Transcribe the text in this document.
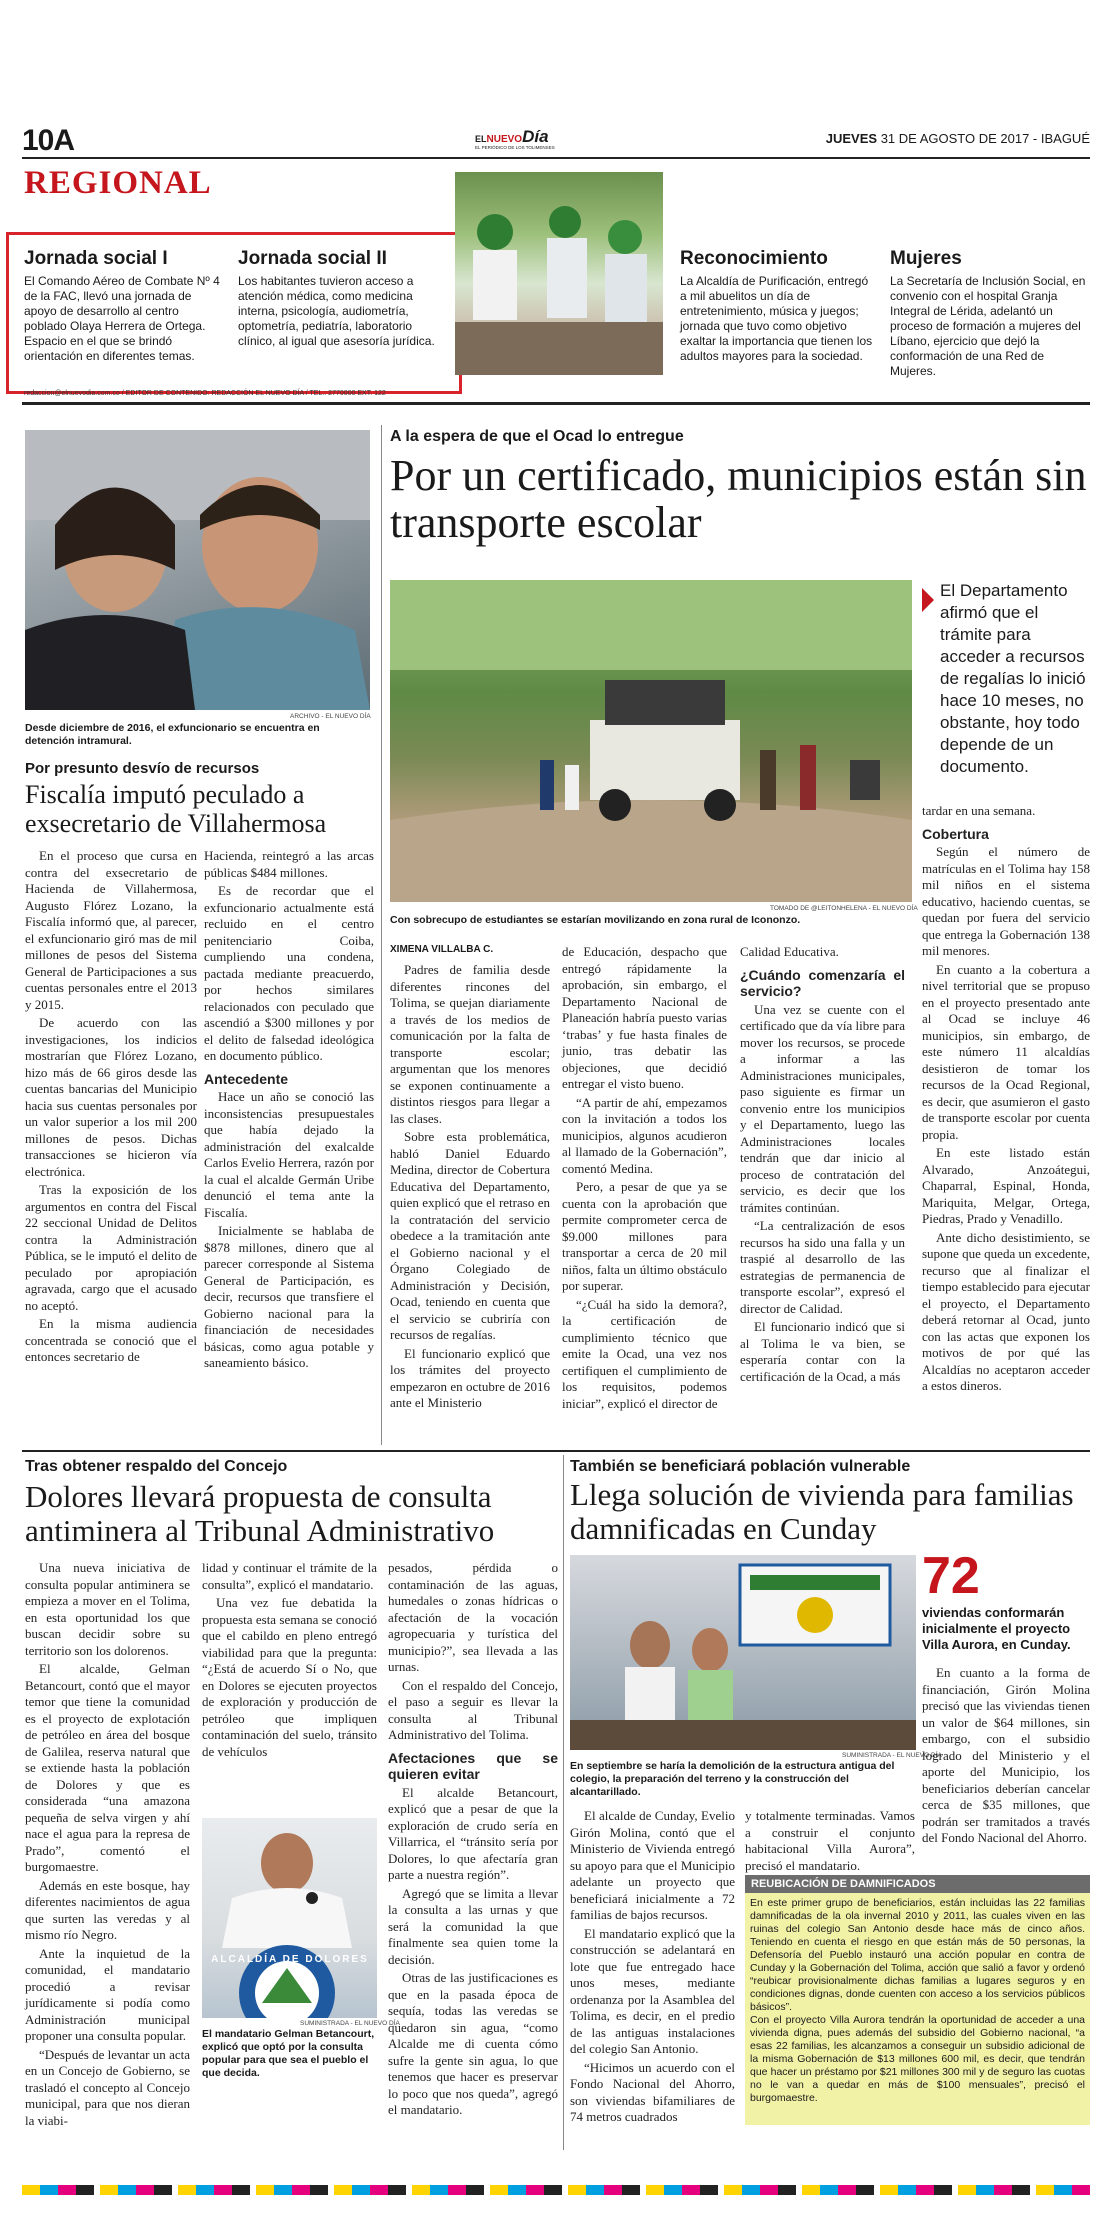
10A	ELNUEVODía
EL PERIÓDICO DE LOS TOLIMENSES
JUEVES 31 DE AGOSTO DE 2017 - IBAGUÉ
REGIONAL
Jornada social I
El Comando Aéreo de Combate Nº 4 de la FAC, llevó una jornada de apoyo de desarrollo al centro poblado Olaya Herrera de Ortega. Espacio en el que se brindó orientación en diferentes temas.
Jornada social II
Los habitantes tuvieron acceso a atención médica, como medicina interna, psicología, audiometría, optometría, pediatría, laboratorio clínico, al igual que asesoría jurídica.
Reconocimiento
La Alcaldía de Purificación, entregó a mil abuelitos un día de entretenimiento, música y juegos; jornada que tuvo como objetivo exaltar la importancia que tienen los adultos mayores para la sociedad.
Mujeres
La Secretaría de Inclusión Social, en convenio con el hospital Granja Integral de Lérida, adelantó un proceso de formación a mujeres del Líbano, ejercicio que dejó la conformación de una Red de Mujeres.
redaccion@elnuevodia.com.co / EDITOR DE CONTENIDO: REDACCIÓN EL NUEVO DÍA / TEL.: 2770000 EXT. 122
ARCHIVO - EL NUEVO DÍA
Desde diciembre de 2016, el exfuncionario se encuentra en detención intramural.
Por presunto desvío de recursos
Fiscalía imputó peculado a exsecretario de Villahermosa

En el proceso que cursa en contra del exsecretario de Hacienda de Villahermosa, Augusto Flórez Lozano, la Fiscalía informó que, al parecer, el exfuncionario giró mas de mil millones de pesos del Sistema General de Participaciones a sus cuentas personales entre el 2013 y 2015.

De acuerdo con las investigaciones, los indicios mostrarían que Flórez Lozano, hizo más de 66 giros desde las cuentas bancarias del Municipio hacia sus cuentas personales por un valor superior a los mil 200 millones de pesos. Dichas transacciones se hicieron vía electrónica.

Tras la exposición de los argumentos en contra del Fiscal 22 seccional Unidad de Delitos contra la Administración Pública, se le imputó el delito de peculado por apropiación agravada, cargo que el acusado no aceptó.

En la misma audiencia concentrada se conoció que el entonces secretario de

Hacienda, reintegró a las arcas públicas $484 millones.

Es de recordar que el exfuncionario actualmente está recluido en el centro penitenciario Coiba, cumpliendo una condena, pactada mediante preacuerdo, por hechos similares relacionados con peculado que ascendió a $300 millones y por el delito de falsedad ideológica en documento público.

Antecedente

Hace un año se conoció las inconsistencias presupuestales que había dejado la administración del exalcalde Carlos Evelio Herrera, razón por la cual el alcalde Germán Uribe denunció el tema ante la Fiscalía.

Inicialmente se hablaba de $878 millones, dinero que al parecer corresponde al Sistema General de Participación, es decir, recursos que transfiere el Gobierno nacional para la financiación de necesidades básicas, como agua potable y saneamiento básico.

A la espera de que el Ocad lo entregue
Por un certificado, municipios están sin transporte escolar
TOMADO DE @LEITONHELENA - EL NUEVO DÍA
Con sobrecupo de estudiantes se estarían movilizando en zona rural de Icononzo.
El Departamento afirmó que el trámite para acceder a recursos de regalías lo inició hace 10 meses, no obstante, hoy todo depende de un documento.
XIMENA VILLALBA C.

Padres de familia desde diferentes rincones del Tolima, se quejan diariamente a través de los medios de comunicación por la falta de transporte escolar; argumentan que los menores se exponen continuamente a distintos riesgos para llegar a las clases.

Sobre esta problemática, habló Daniel Eduardo Medina, director de Cobertura Educativa del Departamento, quien explicó que el retraso en la contratación del servicio obedece a la tramitación ante el Gobierno nacional y el Órgano Colegiado de Administración y Decisión, Ocad, teniendo en cuenta que el servicio se cubriría con recursos de regalías.

El funcionario explicó que los trámites del proyecto empezaron en octubre de 2016 ante el Ministerio

de Educación, despacho que entregó rápidamente la aprobación, sin embargo, el Departamento Nacional de Planeación habría puesto varias ‘trabas’ y fue hasta finales de junio, tras debatir las objeciones, que decidió entregar el visto bueno.

“A partir de ahí, empezamos con la invitación a todos los municipios, algunos acudieron al llamado de la Gobernación”, comentó Medina.

Pero, a pesar de que ya se cuenta con la aprobación que permite comprometer cerca de $9.000 millones para transportar a cerca de 20 mil niños, falta un último obstáculo por superar.

“¿Cuál ha sido la demora?, la certificación de cumplimiento técnico que emite la Ocad, una vez nos certifiquen el cumplimiento de los requisitos, podemos iniciar”, explicó el director de

Calidad Educativa.

¿Cuándo comenzaría el servicio?

Una vez se cuente con el certificado que da vía libre para mover los recursos, se procede a informar a las Administraciones municipales, paso siguiente es firmar un convenio entre los municipios y el Departamento, luego las Administraciones locales tendrán que dar inicio al proceso de contratación del servicio, es decir que los trámites continúan.

“La centralización de esos recursos ha sido una falla y un traspié al desarrollo de las estrategias de permanencia de transporte escolar”, expresó el director de Calidad.

El funcionario indicó que si al Tolima le va bien, se esperaría contar con la certificación de la Ocad, a más

tardar en una semana.

Cobertura

Según el número de matrículas en el Tolima hay 158 mil niños en el sistema educativo, haciendo cuentas, se quedan por fuera del servicio que entrega la Gobernación 138 mil menores.

En cuanto a la cobertura a nivel territorial que se propuso en el proyecto presentado ante al Ocad se incluye 46 municipios, sin embargo, de este número 11 alcaldías desistieron de tomar los recursos de la Ocad Regional, es decir, que asumieron el gasto de transporte escolar por cuenta propia.

En este listado están Alvarado, Anzoátegui, Chaparral, Espinal, Honda, Mariquita, Melgar, Ortega, Piedras, Prado y Venadillo.

Ante dicho desistimiento, se supone que queda un excedente, recurso que al finalizar el tiempo establecido para ejecutar el proyecto, el Departamento deberá retornar al Ocad, junto con las actas que exponen los motivos de por qué las Alcaldías no aceptaron acceder a estos dineros.

Tras obtener respaldo del Concejo
Dolores llevará propuesta de consulta antiminera al Tribunal Administrativo

Una nueva iniciativa de consulta popular antiminera se empieza a mover en el Tolima, en esta oportunidad los que buscan decidir sobre su territorio son los dolorenos.

El alcalde, Gelman Betancourt, contó que el mayor temor que tiene la comunidad es el proyecto de explotación de petróleo en área del bosque de Galilea, reserva natural que se extiende hasta la población de Dolores y que es considerada “una amazona pequeña de selva virgen y ahí nace el agua para la represa de Prado”, comentó el burgomaestre.

Además en este bosque, hay diferentes nacimientos de agua que surten las veredas y al mismo río Negro.

Ante la inquietud de la comunidad, el mandatario procedió a revisar jurídicamente si podía como Administración municipal proponer una consulta popular.

“Después de levantar un acta en un Concejo de Gobierno, se trasladó el concepto al Concejo municipal, para que nos dieran la viabi-

lidad y continuar el trámite de la consulta”, explicó el mandatario.

Una vez fue debatida la propuesta esta semana se conoció que el cabildo en pleno entregó viabilidad para que la pregunta: “¿Está de acuerdo Sí o No, que en Dolores se ejecuten proyectos de exploración y producción de petróleo que impliquen contaminación del suelo, tránsito de vehículos

ALCALDÍA DE DOLORES
SUMINISTRADA - EL NUEVO DÍA
El mandatario Gelman Betancourt, explicó que optó por la consulta popular para que sea el pueblo el que decida.

pesados, pérdida o contaminación de las aguas, humedales o zonas hídricas o afectación de la vocación agropecuaria y turística del municipio?”, sea llevada a las urnas.

Con el respaldo del Concejo, el paso a seguir es llevar la consulta al Tribunal Administrativo del Tolima.

Afectaciones que se quieren evitar

El alcalde Betancourt, explicó que a pesar de que la exploración de crudo sería en Villarrica, el “tránsito sería por Dolores, lo que afectaría gran parte a nuestra región”.

Agregó que se limita a llevar la consulta a las urnas y que será la comunidad la que finalmente sea quien tome la decisión.

Otras de las justificaciones es que en la pasada época de sequía, todas las veredas se quedaron sin agua, “como Alcalde me di cuenta cómo sufre la gente sin agua, lo que tenemos que hacer es preservar lo poco que nos queda”, agregó el mandatario.

También se beneficiará población vulnerable
Llega solución de vivienda para familias damnificadas en Cunday
SUMINISTRADA - EL NUEVO DÍA
En septiembre se haría la demolición de la estructura antigua del colegio, la preparación del terreno y la construcción del alcantarillado.
72
viviendas conformarán inicialmente el proyecto Villa Aurora, en Cunday.

El alcalde de Cunday, Evelio Girón Molina, contó que el Ministerio de Vivienda entregó su apoyo para que el Municipio adelante un proyecto que beneficiará inicialmente a 72 familias de bajos recursos.

El mandatario explicó que la construcción se adelantará en lote que fue entregado hace unos meses, mediante ordenanza por la Asamblea del Tolima, es decir, en el predio de las antiguas instalaciones del colegio San Antonio.

“Hicimos un acuerdo con el Fondo Nacional del Ahorro, son viviendas bifamiliares de 74 metros cuadrados

y totalmente terminadas. Vamos a construir el conjunto habitacional Villa Aurora”, precisó el mandatario.

En cuanto a la forma de financiación, Girón Molina precisó que las viviendas tienen un valor de $64 millones, sin embargo, con el subsidio logrado del Ministerio y el aporte del Municipio, los beneficiarios deberían cancelar cerca de $35 millones, que podrán ser tramitados a través del Fondo Nacional del Ahorro.

REUBICACIÓN DE DAMNIFICADOS
En este primer grupo de beneficiarios, están incluidas las 22 familias damnificadas de la ola invernal 2010 y 2011, las cuales viven en las ruinas del colegio San Antonio desde hace más de cinco años. Teniendo en cuenta el riesgo en que están más de 50 personas, la Defensoría del Pueblo instauró una acción popular en contra de Cunday y la Gobernación del Tolima, acción que salió a favor y ordenó “reubicar provisionalmente dichas familias a lugares seguros y en condiciones dignas, donde cuenten con acceso a los servicios públicos básicos”.
Con el proyecto Villa Aurora tendrán la oportunidad de acceder a una vivienda digna, pues además del subsidio del Gobierno nacional, “a esas 22 familias, les alcanzamos a conseguir un subsidio adicional de la misma Gobernación de $13 millones 600 mil, es decir, que tendrán que hacer un préstamo por $21 millones 300 mil y de seguro las cuotas no le van a quedar en más de $100 mensuales”, precisó el burgomaestre.
